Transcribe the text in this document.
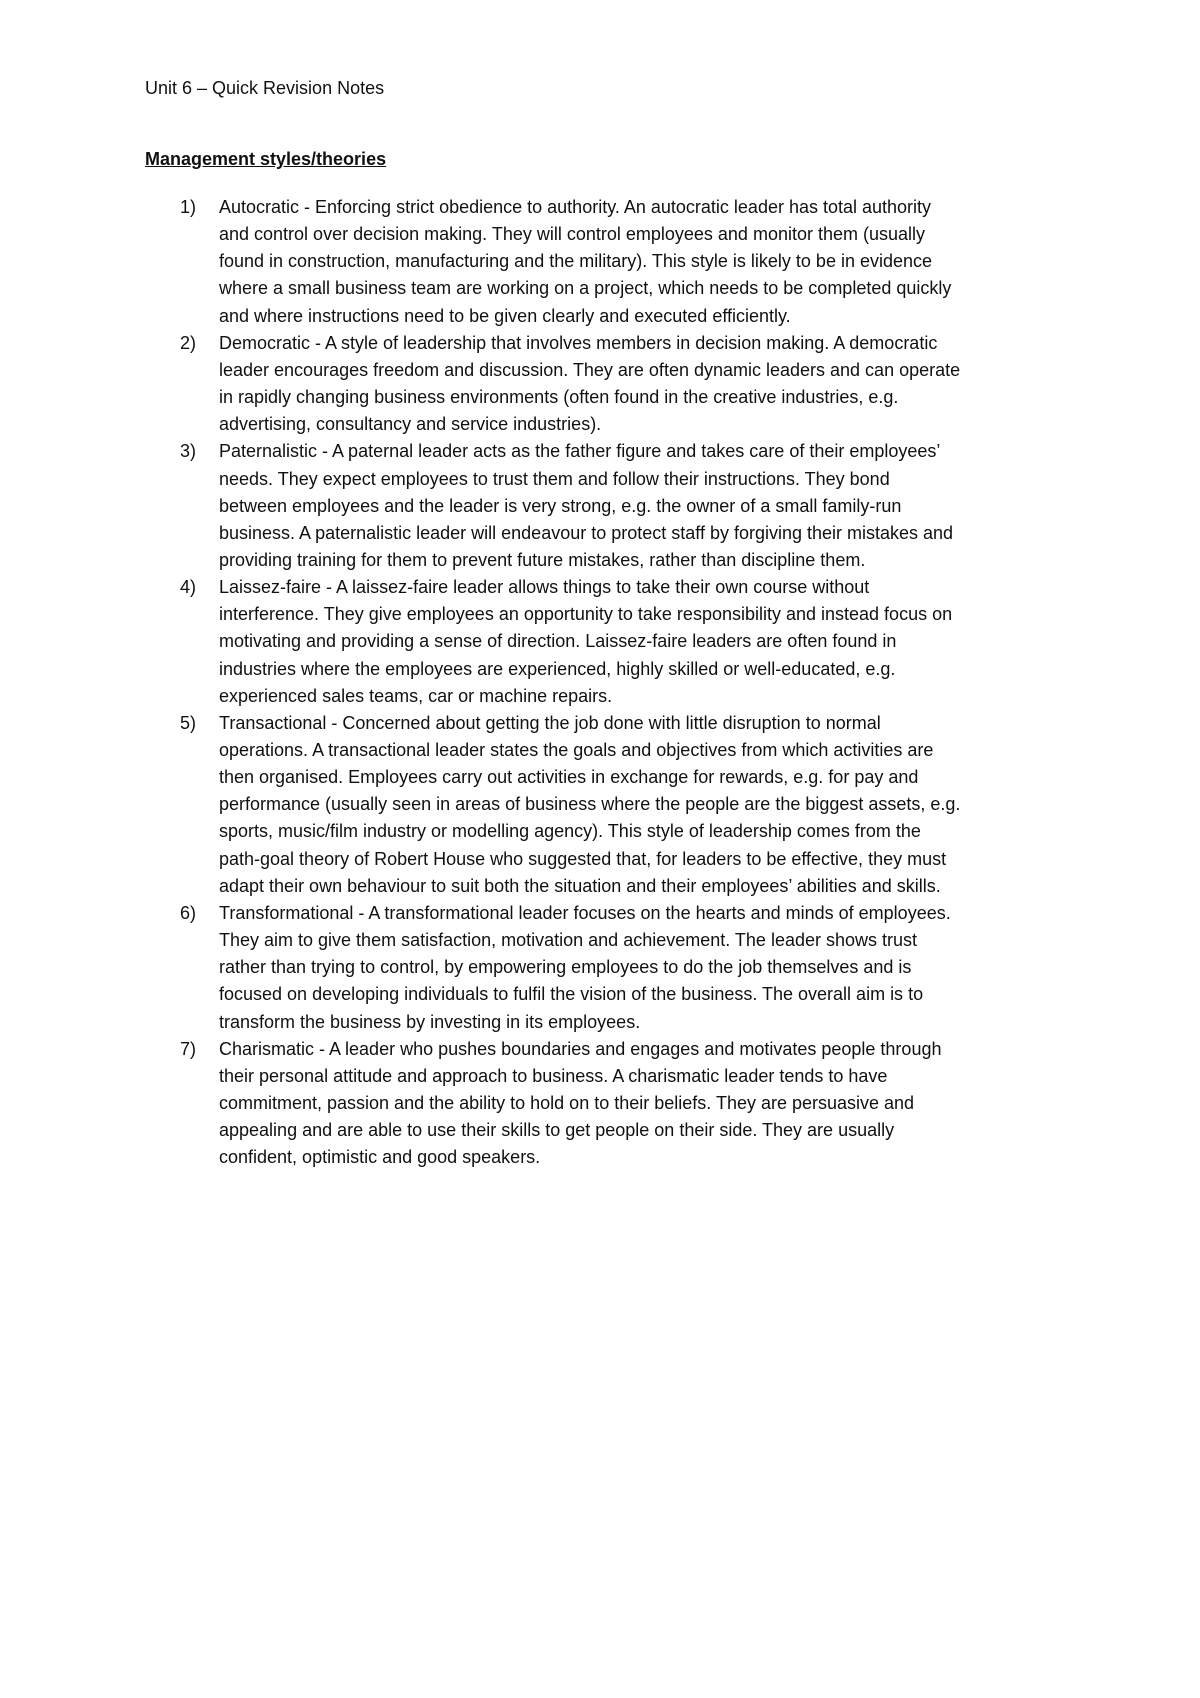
Unit 6 – Quick Revision Notes
Management styles/theories
1) Autocratic - Enforcing strict obedience to authority. An autocratic leader has total authority
and control over decision making. They will control employees and monitor them (usually
found in construction, manufacturing and the military). This style is likely to be in evidence
where a small business team are working on a project, which needs to be completed quickly
and where instructions need to be given clearly and executed efficiently.
2) Democratic - A style of leadership that involves members in decision making. A democratic
leader encourages freedom and discussion. They are often dynamic leaders and can operate
in rapidly changing business environments (often found in the creative industries, e.g.
advertising, consultancy and service industries).
3) Paternalistic - A paternal leader acts as the father figure and takes care of their employees’
needs. They expect employees to trust them and follow their instructions. They bond
between employees and the leader is very strong, e.g. the owner of a small family-run
business. A paternalistic leader will endeavour to protect staff by forgiving their mistakes and
providing training for them to prevent future mistakes, rather than discipline them.
4) Laissez-faire - A laissez-faire leader allows things to take their own course without
interference. They give employees an opportunity to take responsibility and instead focus on
motivating and providing a sense of direction. Laissez-faire leaders are often found in
industries where the employees are experienced, highly skilled or well-educated, e.g.
experienced sales teams, car or machine repairs.
5) Transactional - Concerned about getting the job done with little disruption to normal
operations. A transactional leader states the goals and objectives from which activities are
then organised. Employees carry out activities in exchange for rewards, e.g. for pay and
performance (usually seen in areas of business where the people are the biggest assets, e.g.
sports, music/film industry or modelling agency). This style of leadership comes from the
path-goal theory of Robert House who suggested that, for leaders to be effective, they must
adapt their own behaviour to suit both the situation and their employees’ abilities and skills.
6) Transformational - A transformational leader focuses on the hearts and minds of employees.
They aim to give them satisfaction, motivation and achievement. The leader shows trust
rather than trying to control, by empowering employees to do the job themselves and is
focused on developing individuals to fulfil the vision of the business. The overall aim is to
transform the business by investing in its employees.
7) Charismatic - A leader who pushes boundaries and engages and motivates people through
their personal attitude and approach to business. A charismatic leader tends to have
commitment, passion and the ability to hold on to their beliefs. They are persuasive and
appealing and are able to use their skills to get people on their side. They are usually
confident, optimistic and good speakers.
